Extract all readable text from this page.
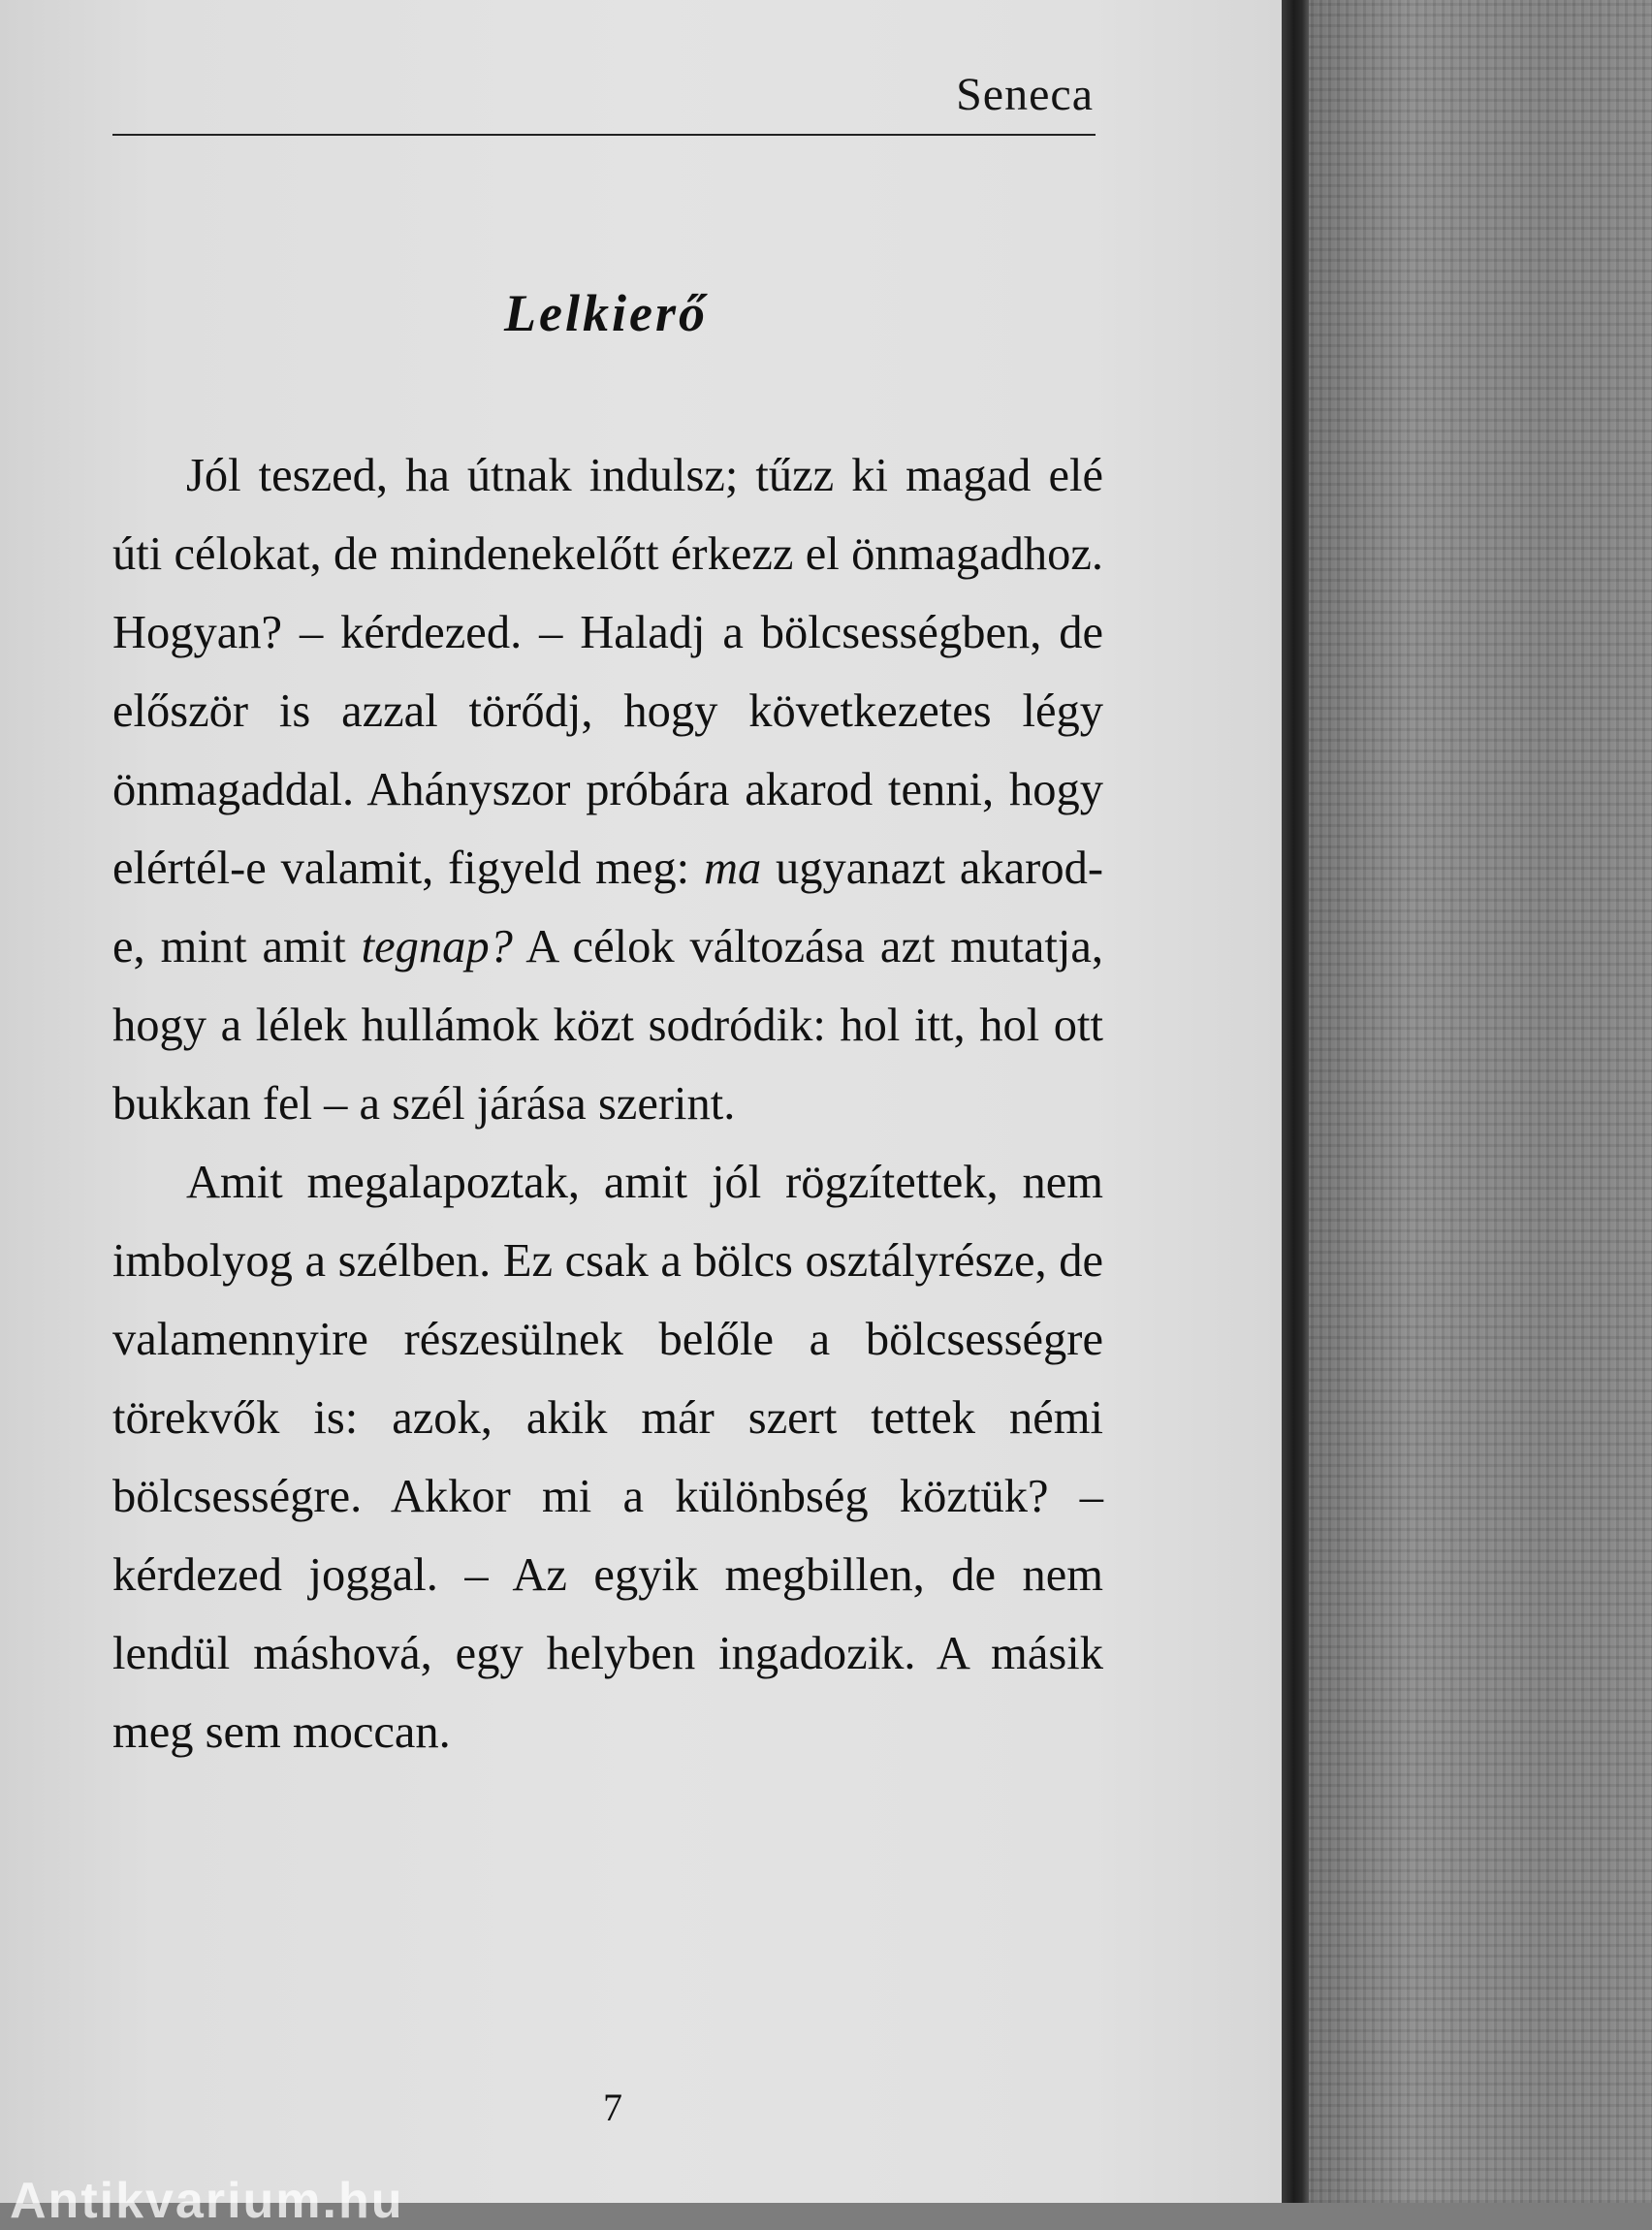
Seneca

Lelkierő

Jól teszed, ha útnak indulsz; tűzz ki magad elé úti célokat, de mindenekelőtt érkezz el önmagadhoz. Hogyan? – kérdezed. – Haladj a bölcsességben, de először is azzal törődj, hogy következetes légy önmagaddal. Ahányszor próbára akarod tenni, hogy elértél-e valamit, figyeld meg: ma ugyanazt akarod-e, mint amit tegnap? A célok változása azt mutatja, hogy a lélek hullámok közt sodródik: hol itt, hol ott bukkan fel – a szél járása szerint.

Amit megalapoztak, amit jól rögzítettek, nem imbolyog a szélben. Ez csak a bölcs osztályrésze, de valamennyire részesülnek belőle a bölcsességre törekvők is: azok, akik már szert tettek némi bölcsességre. Akkor mi a különbség köztük? – kérdezed joggal. – Az egyik megbillen, de nem lendül máshová, egy helyben ingadozik. A másik meg sem moccan.

7

Antikvarium.hu
